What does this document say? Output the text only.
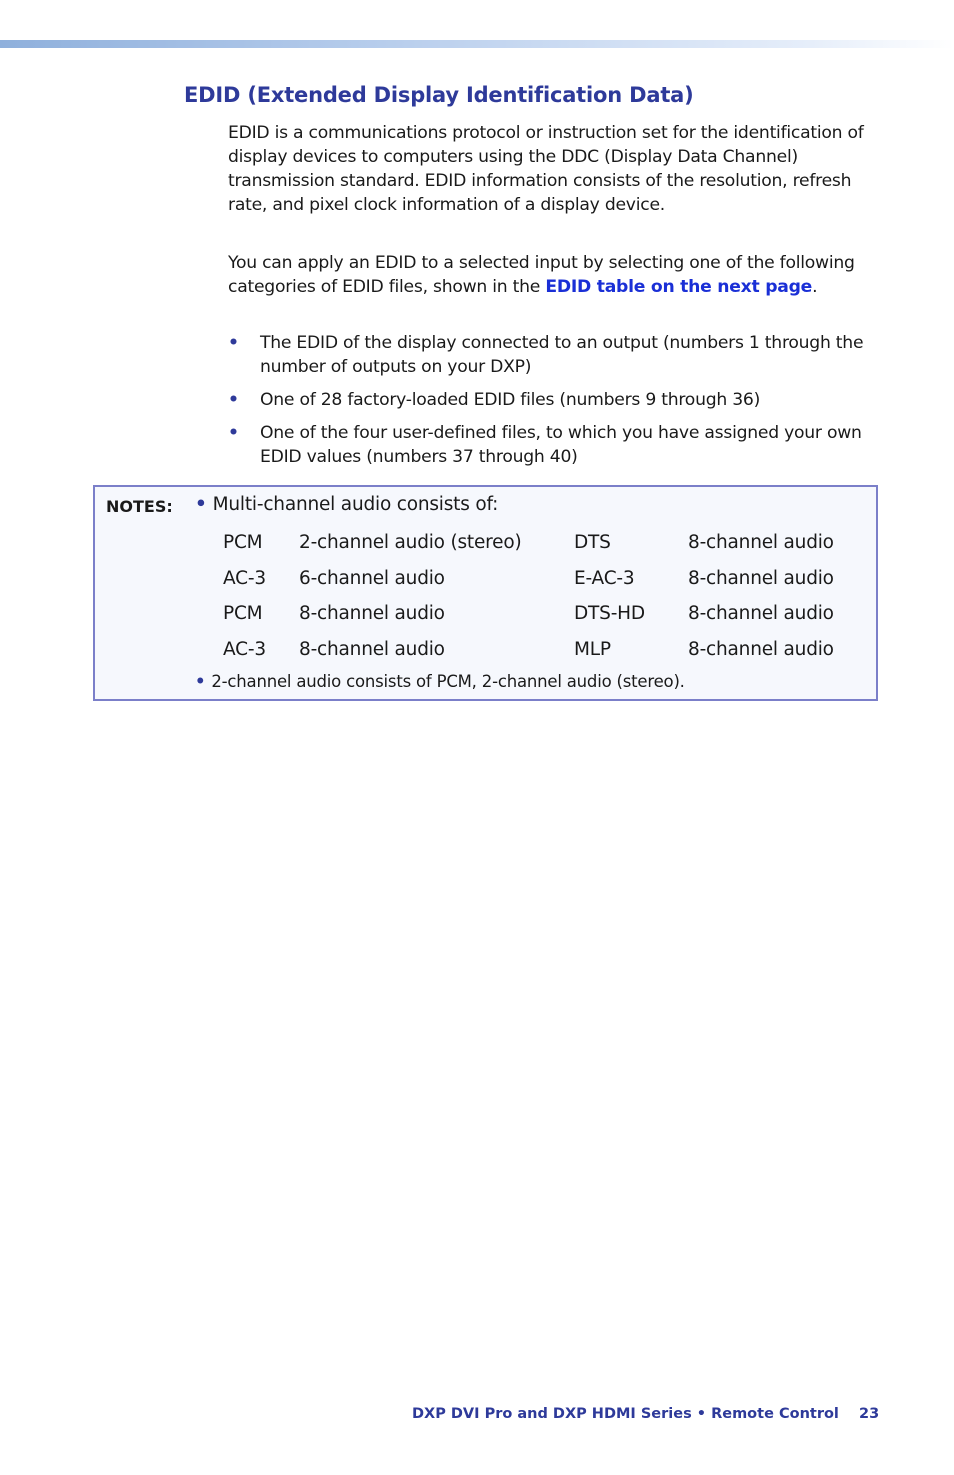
EDID (Extended Display Identification Data)
EDID is a communications protocol or instruction set for the identification of display devices to computers using the DDC (Display Data Channel) transmission standard. EDID information consists of the resolution, refresh rate, and pixel clock information of a display device.
You can apply an EDID to a selected input by selecting one of the following categories of EDID files, shown in the EDID table on the next page.
• The EDID of the display connected to an output (numbers 1 through the number of outputs on your DXP)
• One of 28 factory-loaded EDID files (numbers 9 through 36)
• One of the four user-defined files, to which you have assigned your own EDID values (numbers 37 through 40)
NOTES: • Multi-channel audio consists of:
PCM	2-channel audio (stereo)	DTS	8-channel audio
AC-3	6-channel audio	E-AC-3	8-channel audio
PCM	8-channel audio	DTS-HD	8-channel audio
AC-3	8-channel audio	MLP	8-channel audio
• 2-channel audio consists of PCM, 2-channel audio (stereo).
DXP DVI Pro and DXP HDMI Series • Remote Control 23
